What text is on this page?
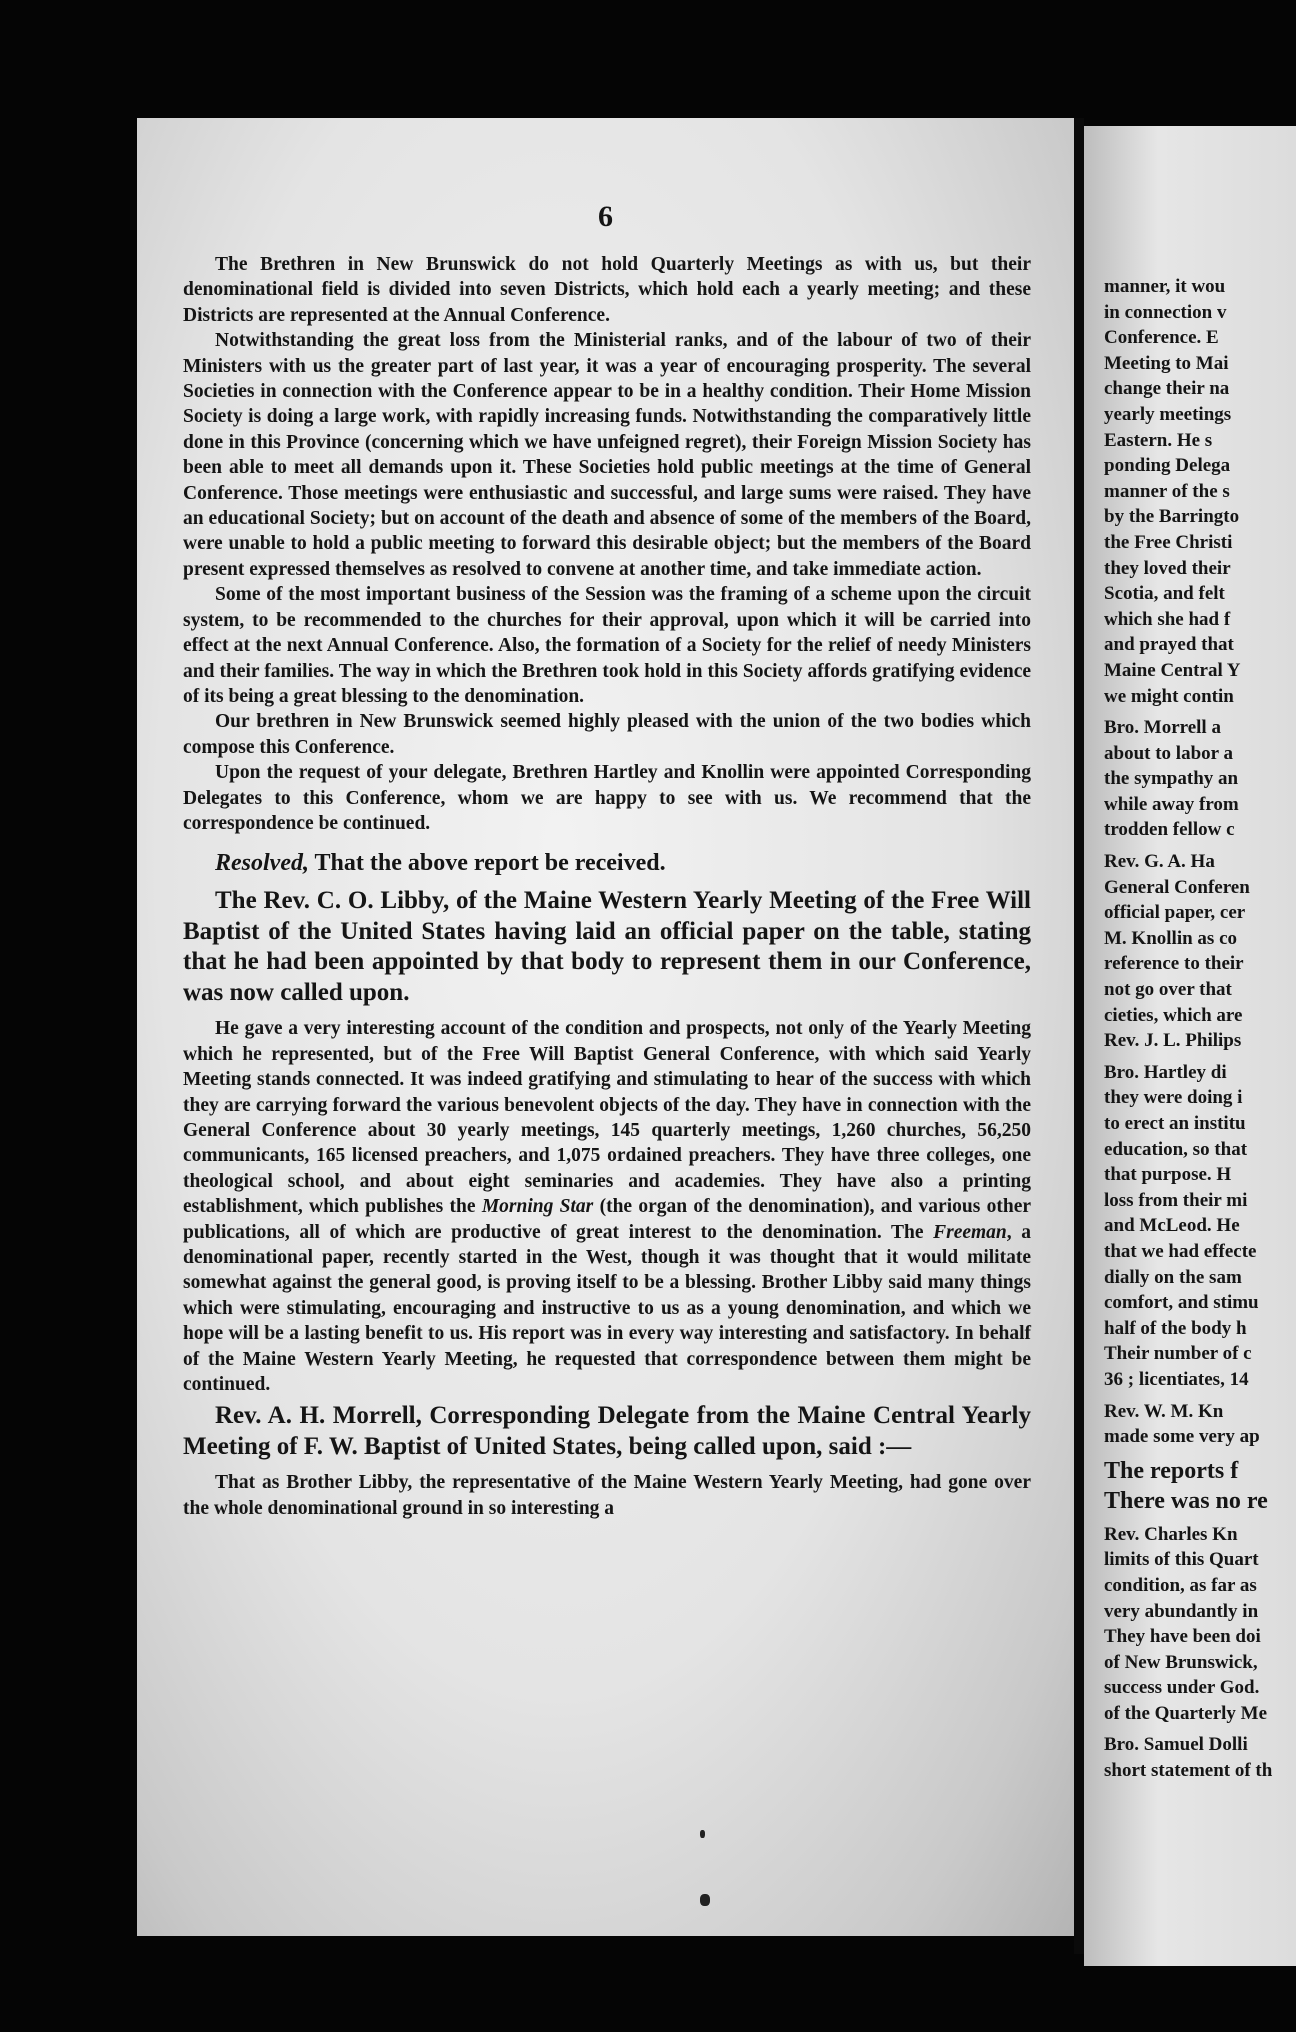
6

The Brethren in New Brunswick do not hold Quarterly Meetings as with us, but their denominational field is divided into seven Districts, which hold each a yearly meeting; and these Districts are represented at the Annual Conference.

Notwithstanding the great loss from the Ministerial ranks, and of the labour of two of their Ministers with us the greater part of last year, it was a year of encouraging prosperity. The several Societies in connection with the Conference appear to be in a healthy condition. Their Home Mission Society is doing a large work, with rapidly increasing funds. Notwithstanding the comparatively little done in this Province (concerning which we have unfeigned regret), their Foreign Mission Society has been able to meet all demands upon it. These Societies hold public meetings at the time of General Conference. Those meetings were enthusiastic and successful, and large sums were raised. They have an educational Society; but on account of the death and absence of some of the members of the Board, were unable to hold a public meeting to forward this desirable object; but the members of the Board present expressed themselves as resolved to convene at another time, and take immediate action.

Some of the most important business of the Session was the framing of a scheme upon the circuit system, to be recommended to the churches for their approval, upon which it will be carried into effect at the next Annual Conference. Also, the formation of a Society for the relief of needy Ministers and their families. The way in which the Brethren took hold in this Society affords gratifying evidence of its being a great blessing to the denomination.

Our brethren in New Brunswick seemed highly pleased with the union of the two bodies which compose this Conference.

Upon the request of your delegate, Brethren Hartley and Knollin were appointed Corresponding Delegates to this Conference, whom we are happy to see with us. We recommend that the correspondence be continued.

Resolved, That the above report be received.

The Rev. C. O. Libby, of the Maine Western Yearly Meeting of the Free Will Baptist of the United States having laid an official paper on the table, stating that he had been appointed by that body to represent them in our Conference, was now called upon.

He gave a very interesting account of the condition and prospects, not only of the Yearly Meeting which he represented, but of the Free Will Baptist General Conference, with which said Yearly Meeting stands connected. It was indeed gratifying and stimulating to hear of the success with which they are carrying forward the various benevolent objects of the day. They have in connection with the General Conference about 30 yearly meetings, 145 quarterly meetings, 1,260 churches, 56,250 communicants, 165 licensed preachers, and 1,075 ordained preachers. They have three colleges, one theological school, and about eight seminaries and academies. They have also a printing establishment, which publishes the Morning Star (the organ of the denomination), and various other publications, all of which are productive of great interest to the denomination. The Freeman, a denominational paper, recently started in the West, though it was thought that it would militate somewhat against the general good, is proving itself to be a blessing. Brother Libby said many things which were stimulating, encouraging and instructive to us as a young denomination, and which we hope will be a lasting benefit to us. His report was in every way interesting and satisfactory. In behalf of the Maine Western Yearly Meeting, he requested that correspondence between them might be continued.

Rev. A. H. Morrell, Corresponding Delegate from the Maine Central Yearly Meeting of F. W. Baptist of United States, being called upon, said :—

That as Brother Libby, the representative of the Maine Western Yearly Meeting, had gone over the whole denominational ground in so interesting a

manner, it wou
in connection v
Conference. E
Meeting to Mai
change their na
yearly meetings
Eastern. He s
ponding Delega
manner of the s
by the Barringto
the Free Christi
they loved their
Scotia, and felt
which she had f
and prayed that
Maine Central Y
we might contin
Bro. Morrell a
about to labor a
the sympathy an
while away from
trodden fellow c
Rev. G. A. Ha
General Conferen
official paper, cer
M. Knollin as co
reference to their
not go over that
cieties, which are
Rev. J. L. Philips
Bro. Hartley di
they were doing i
to erect an institu
education, so that
that purpose. H
loss from their mi
and McLeod. He
that we had effecte
dially on the sam
comfort, and stimu
half of the body h
Their number of c
36 ; licentiates, 14
Rev. W. M. Kn
made some very ap
The reports f
There was no re
Rev. Charles Kn
limits of this Quart
condition, as far as
very abundantly in
They have been doi
of New Brunswick,
success under God.
of the Quarterly Me
Bro. Samuel Dolli
short statement of th
